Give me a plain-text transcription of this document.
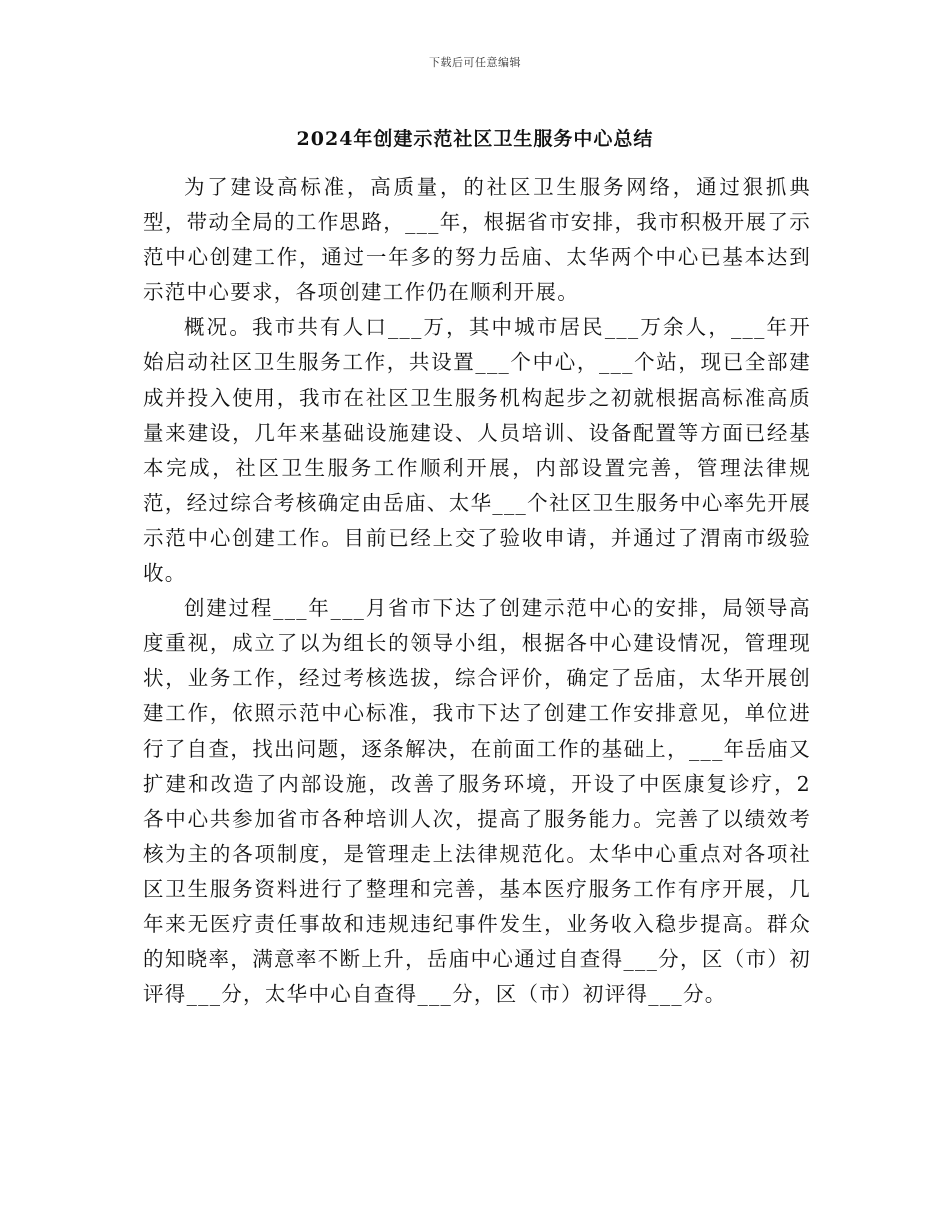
下载后可任意编辑
2024年创建示范社区卫生服务中心总结

为了建设高标准，高质量，的社区卫生服务网络，通过狠抓典型，带动全局的工作思路，___年，根据省市安排，我市积极开展了示范中心创建工作，通过一年多的努力岳庙、太华两个中心已基本达到示范中心要求，各项创建工作仍在顺利开展。

概况。我市共有人口___万，其中城市居民___万余人，___年开始启动社区卫生服务工作，共设置___个中心，___个站，现已全部建成并投入使用，我市在社区卫生服务机构起步之初就根据高标准高质量来建设，几年来基础设施建设、人员培训、设备配置等方面已经基本完成，社区卫生服务工作顺利开展，内部设置完善，管理法律规范，经过综合考核确定由岳庙、太华___个社区卫生服务中心率先开展示范中心创建工作。目前已经上交了验收申请，并通过了渭南市级验收。

创建过程___年___月省市下达了创建示范中心的安排，局领导高度重视，成立了以为组长的领导小组，根据各中心建设情况，管理现状，业务工作，经过考核选拔，综合评价，确定了岳庙，太华开展创建工作，依照示范中心标准，我市下达了创建工作安排意见，单位进行了自查，找出问题，逐条解决，在前面工作的基础上，___年岳庙又扩建和改造了内部设施，改善了服务环境，开设了中医康复诊疗，2各中心共参加省市各种培训人次，提高了服务能力。完善了以绩效考核为主的各项制度，是管理走上法律规范化。太华中心重点对各项社区卫生服务资料进行了整理和完善，基本医疗服务工作有序开展，几年来无医疗责任事故和违规违纪事件发生，业务收入稳步提高。群众的知晓率，满意率不断上升，岳庙中心通过自查得___分，区（市）初评得___分，太华中心自查得___分，区（市）初评得___分。
